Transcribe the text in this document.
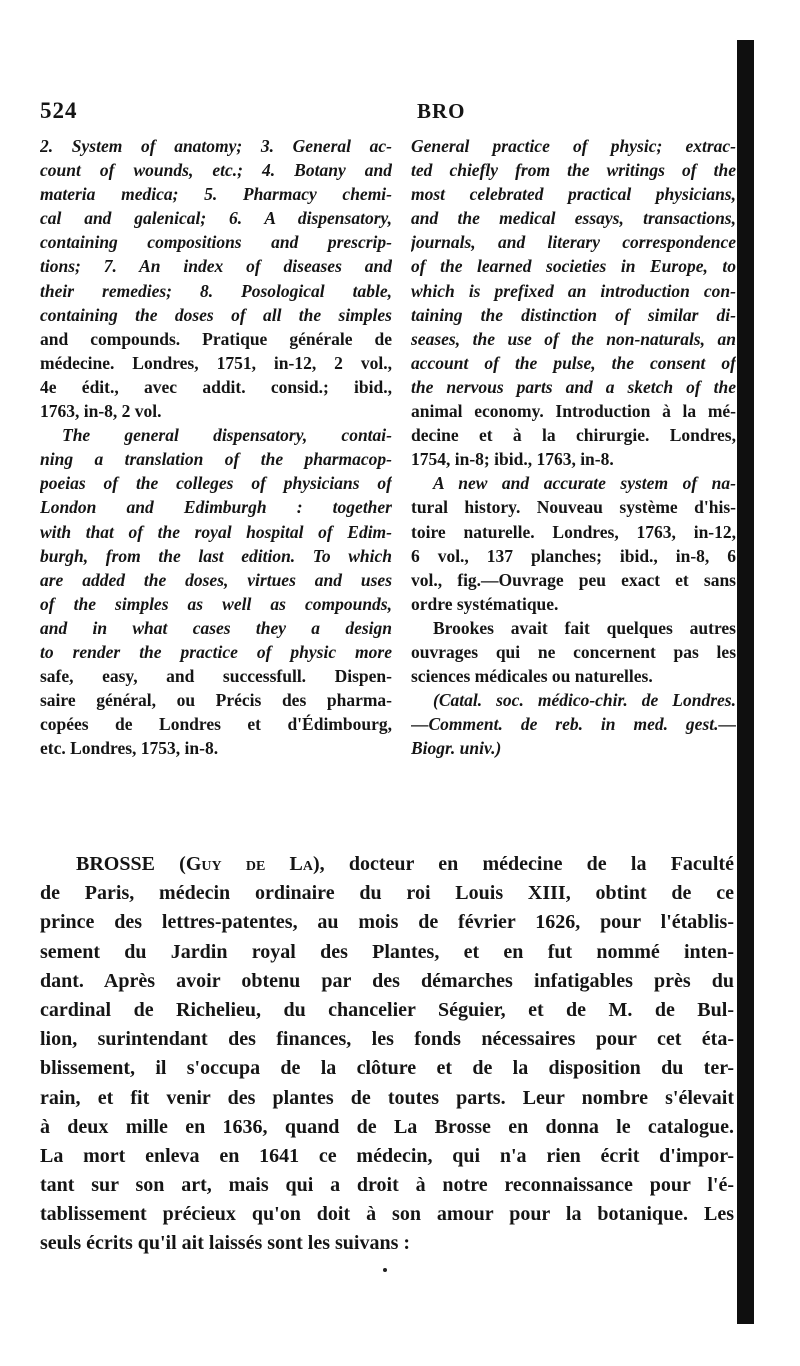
524	BRO
2. System of anatomy; 3. General ac-
count of wounds, etc.; 4. Botany and
materia medica; 5. Pharmacy chemi-
cal and galenical; 6. A dispensatory,
containing compositions and prescrip-
tions; 7. An index of diseases and
their remedies; 8. Posological table,
containing the doses of all the simples
and compounds. Pratique générale de
médecine. Londres, 1751, in-12, 2 vol.,
4e édit., avec addit. consid.; ibid.,
1763, in-8, 2 vol.
The general dispensatory, contai-
ning a translation of the pharmacop-
poeias of the colleges of physicians of
London and Edimburgh : together
with that of the royal hospital of Edim-
burgh, from the last edition. To which
are added the doses, virtues and uses
of the simples as well as compounds,
and in what cases they a design
to render the practice of physic more
safe, easy, and successfull. Dispen-
saire général, ou Précis des pharma-
copées de Londres et d'Édimbourg,
etc. Londres, 1753, in-8.
General practice of physic; extrac-
ted chiefly from the writings of the
most celebrated practical physicians,
and the medical essays, transactions,
journals, and literary correspondence
of the learned societies in Europe, to
which is prefixed an introduction con-
taining the distinction of similar di-
seases, the use of the non-naturals, an
account of the pulse, the consent of
the nervous parts and a sketch of the
animal economy. Introduction à la mé-
decine et à la chirurgie. Londres,
1754, in-8; ibid., 1763, in-8.
A new and accurate system of na-
tural history. Nouveau système d'his-
toire naturelle. Londres, 1763, in-12,
6 vol., 137 planches; ibid., in-8, 6
vol., fig.—Ouvrage peu exact et sans
ordre systématique.
Brookes avait fait quelques autres
ouvrages qui ne concernent pas les
sciences médicales ou naturelles.
(Catal. soc. médico-chir. de Londres.
—Comment. de reb. in med. gest.—
Biogr. univ.)
BROSSE (Guy de La), docteur en médecine de la Faculté
de Paris, médecin ordinaire du roi Louis XIII, obtint de ce
prince des lettres-patentes, au mois de février 1626, pour l'établis-
sement du Jardin royal des Plantes, et en fut nommé inten-
dant. Après avoir obtenu par des démarches infatigables près du
cardinal de Richelieu, du chancelier Séguier, et de M. de Bul-
lion, surintendant des finances, les fonds nécessaires pour cet éta-
blissement, il s'occupa de la clôture et de la disposition du ter-
rain, et fit venir des plantes de toutes parts. Leur nombre s'élevait
à deux mille en 1636, quand de La Brosse en donna le catalogue.
La mort enleva en 1641 ce médecin, qui n'a rien écrit d'impor-
tant sur son art, mais qui a droit à notre reconnaissance pour l'é-
tablissement précieux qu'on doit à son amour pour la botanique. Les
seuls écrits qu'il ait laissés sont les suivans :
